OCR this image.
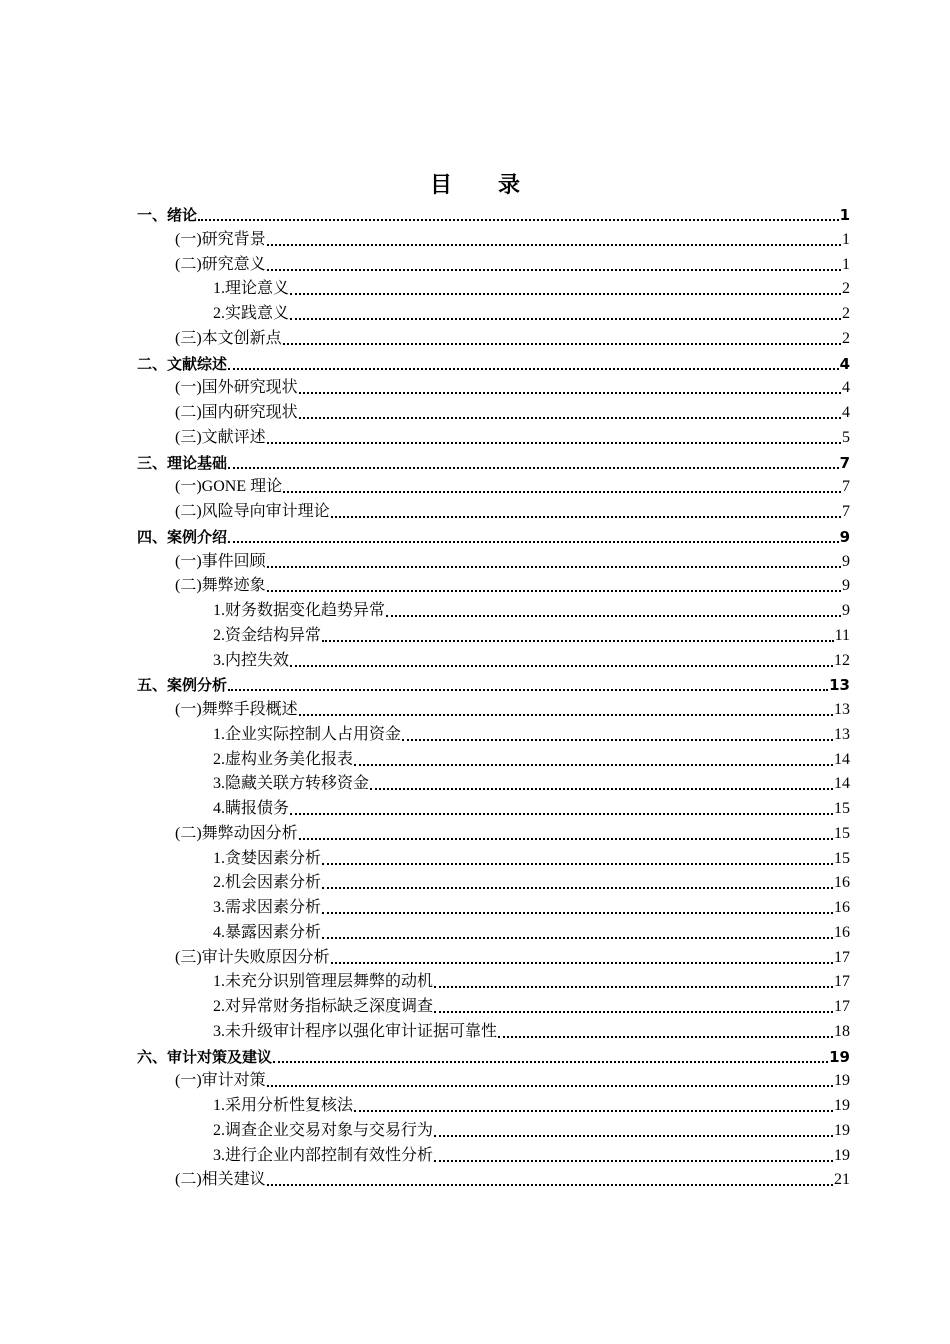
目 录
一、绪论	1
(一)研究背景	1
(二)研究意义	1
1.理论意义	2
2.实践意义	2
(三)本文创新点	2
二、文献综述	4
(一)国外研究现状	4
(二)国内研究现状	4
(三)文献评述	5
三、理论基础	7
(一)GONE 理论	7
(二)风险导向审计理论	7
四、案例介绍	9
(一)事件回顾	9
(二)舞弊迹象	9
1.财务数据变化趋势异常	9
2.资金结构异常	11
3.内控失效	12
五、案例分析	13
(一)舞弊手段概述	13
1.企业实际控制人占用资金	13
2.虚构业务美化报表	14
3.隐藏关联方转移资金	14
4.瞒报债务	15
(二)舞弊动因分析	15
1.贪婪因素分析	15
2.机会因素分析	16
3.需求因素分析	16
4.暴露因素分析	16
(三)审计失败原因分析	17
1.未充分识别管理层舞弊的动机	17
2.对异常财务指标缺乏深度调查	17
3.未升级审计程序以强化审计证据可靠性	18
六、审计对策及建议	19
(一)审计对策	19
1.采用分析性复核法	19
2.调查企业交易对象与交易行为	19
3.进行企业内部控制有效性分析	19
(二)相关建议	21
